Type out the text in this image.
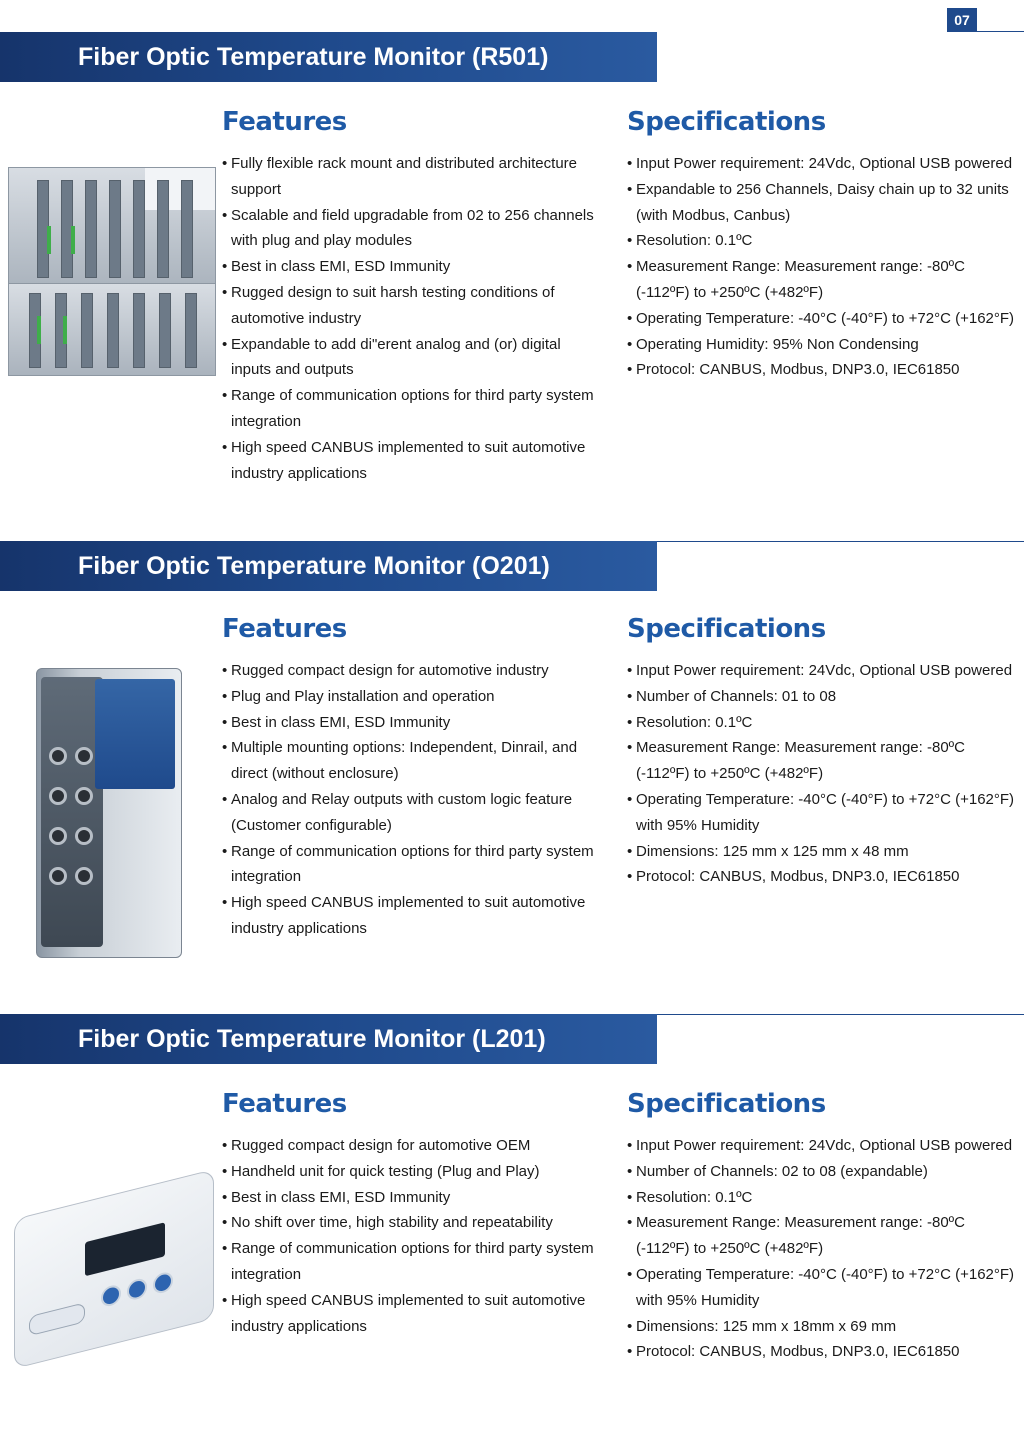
07
Fiber Optic Temperature Monitor (R501)
Features
• Fully flexible rack mount and distributed architecture support
• Scalable and field upgradable from 02 to 256 channels with plug and play modules
• Best in class EMI, ESD Immunity
• Rugged design to suit harsh testing conditions of automotive industry
• Expandable to add di"erent analog and (or) digital inputs and outputs
• Range of communication options for third party system integration
• High speed CANBUS implemented to suit automotive industry applications
Specifications
• Input Power requirement: 24Vdc, Optional USB powered
• Expandable to 256 Channels, Daisy chain up to 32 units (with Modbus, Canbus)
• Resolution: 0.1ºC
• Measurement Range: Measurement range: -80ºC (-112ºF) to +250ºC (+482ºF)
• Operating Temperature: -40°C (-40°F) to +72°C (+162°F)
• Operating Humidity: 95% Non Condensing
• Protocol: CANBUS, Modbus, DNP3.0, IEC61850
Fiber Optic Temperature Monitor (O201)
Features
• Rugged compact design for automotive industry
• Plug and Play installation and operation
• Best in class EMI, ESD Immunity
• Multiple mounting options: Independent, Dinrail, and direct (without enclosure)
• Analog and Relay outputs with custom logic feature (Customer configurable)
• Range of communication options for third party system integration
• High speed CANBUS implemented to suit automotive industry applications
Specifications
• Input Power requirement: 24Vdc, Optional USB powered
• Number of Channels: 01 to 08
• Resolution: 0.1ºC
• Measurement Range: Measurement range: -80ºC (-112ºF) to +250ºC (+482ºF)
• Operating Temperature: -40°C (-40°F) to +72°C (+162°F) with 95% Humidity
• Dimensions: 125 mm x 125 mm x 48 mm
• Protocol: CANBUS, Modbus, DNP3.0, IEC61850
Fiber Optic Temperature Monitor (L201)
Features
• Rugged compact design for automotive OEM
• Handheld unit for quick testing (Plug and Play)
• Best in class EMI, ESD Immunity
• No shift over time, high stability and repeatability
• Range of communication options for third party system integration
• High speed CANBUS implemented to suit automotive industry applications
Specifications
• Input Power requirement: 24Vdc, Optional USB powered
• Number of Channels: 02 to 08 (expandable)
• Resolution: 0.1ºC
• Measurement Range: Measurement range: -80ºC (-112ºF) to +250ºC (+482ºF)
• Operating Temperature: -40°C (-40°F) to +72°C (+162°F) with 95% Humidity
• Dimensions: 125 mm x 18mm x 69 mm
• Protocol: CANBUS, Modbus, DNP3.0, IEC61850
